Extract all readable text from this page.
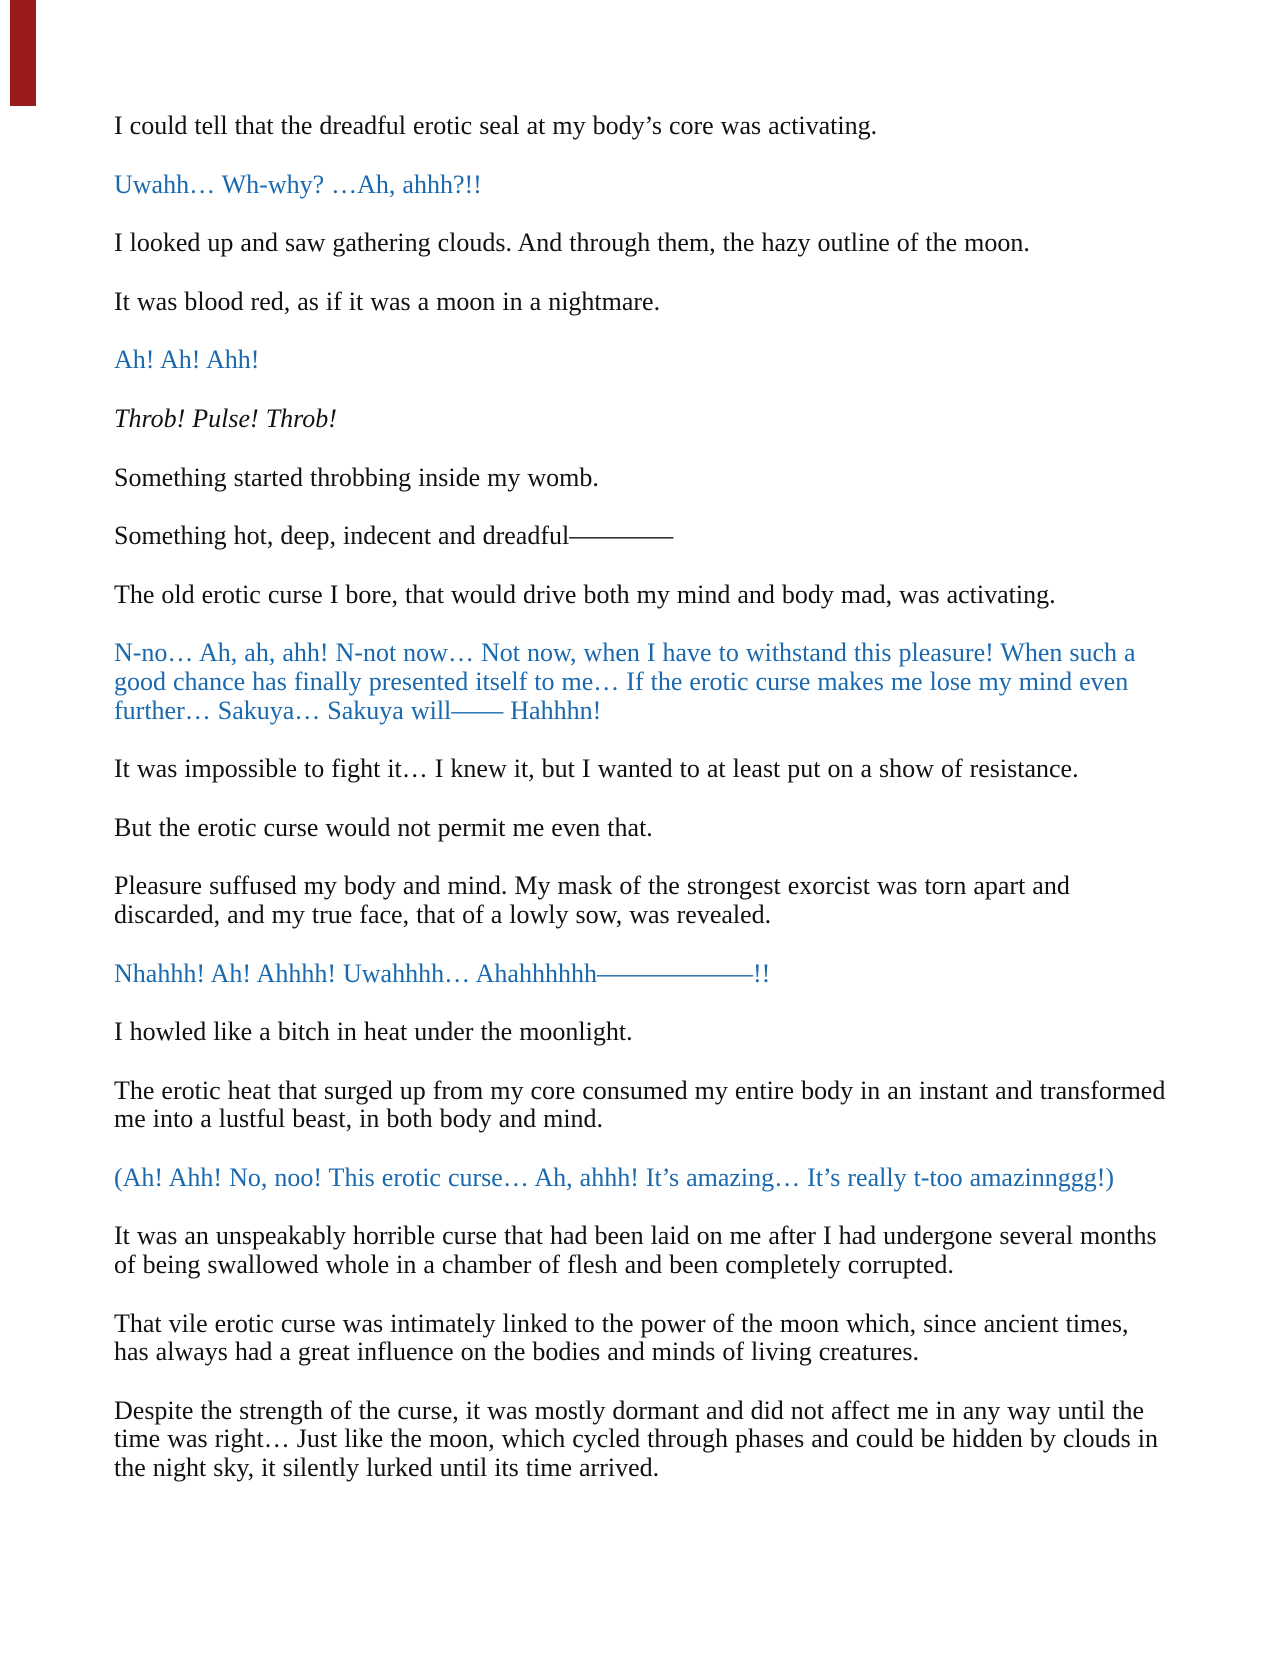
I could tell that the dreadful erotic seal at my body’s core was activating.

Uwahh… Wh-why? …Ah, ahhh?!!

I looked up and saw gathering clouds. And through them, the hazy outline of the moon.

It was blood red, as if it was a moon in a nightmare.

Ah! Ah! Ahh!

Throb! Pulse! Throb!

Something started throbbing inside my womb.

Something hot, deep, indecent and dreadful————

The old erotic curse I bore, that would drive both my mind and body mad, was activating.

N-no… Ah, ah, ahh! N-not now… Not now, when I have to withstand this pleasure! When such a good chance has finally presented itself to me… If the erotic curse makes me lose my mind even further… Sakuya… Sakuya will—— Hahhhn!

It was impossible to fight it… I knew it, but I wanted to at least put on a show of resistance.

But the erotic curse would not permit me even that.

Pleasure suffused my body and mind. My mask of the strongest exorcist was torn apart and discarded, and my true face, that of a lowly sow, was revealed.

Nhahhh! Ah! Ahhhh! Uwahhhh… Ahahhhhhh——————!!

I howled like a bitch in heat under the moonlight.

The erotic heat that surged up from my core consumed my entire body in an instant and transformed me into a lustful beast, in both body and mind.

(Ah! Ahh! No, noo! This erotic curse… Ah, ahhh! It’s amazing… It’s really t-too amazinnggg!)

It was an unspeakably horrible curse that had been laid on me after I had undergone several months of being swallowed whole in a chamber of flesh and been completely corrupted.

That vile erotic curse was intimately linked to the power of the moon which, since ancient times, has always had a great influence on the bodies and minds of living creatures.

Despite the strength of the curse, it was mostly dormant and did not affect me in any way until the time was right… Just like the moon, which cycled through phases and could be hidden by clouds in the night sky, it silently lurked until its time arrived.
